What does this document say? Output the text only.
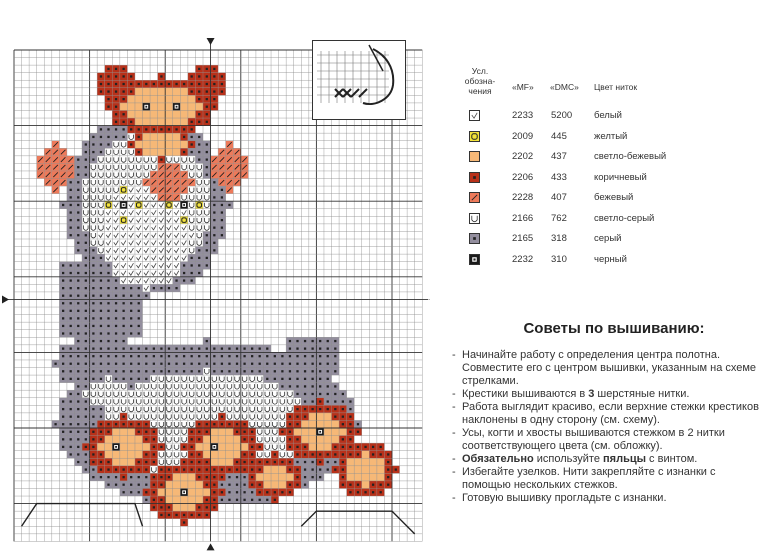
Усл.
обозна-
чения	«MF» «DMC» Цвет ниток
2233 5200 белый
2009 445	желтый
2202 437	светло-бежевый
2206 433	коричневый
2228 407	бежевый
2166 762	светло-серый
2165 318	серый
2232 310	черный
Советы по вышиванию:
- Начинайте работу с определения центра полотна. Совместите его с центром вышивки, указанным на схеме стрелками.
- Крестики вышиваются в 3 шерстяные нитки.
- Работа выглядит красиво, если верхние стежки крестиков наклонены в одну сторону (см. схему).
- Усы, когти и хвосты вышиваются стежком в 2 нитки соответствующего цвета (см. обложку).
- Обязательно используйте пяльцы с винтом.
- Избегайте узелков. Нити закрепляйте с изнанки с помощью нескольких стежков.
- Готовую вышивку прогладьте с изнанки.
